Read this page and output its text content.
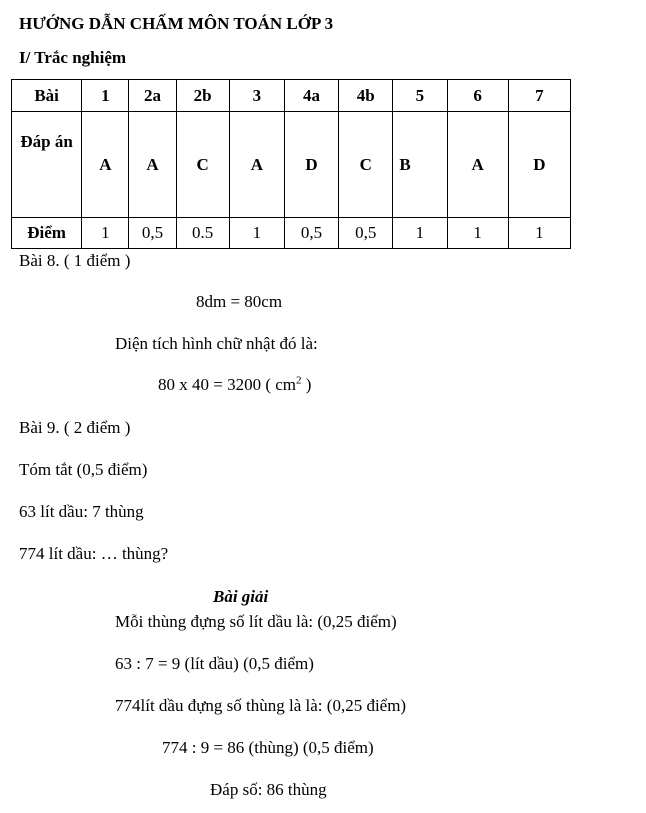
HƯỚNG DẪN CHẤM MÔN TOÁN LỚP 3
I/ Trắc nghiệm
Bài	1	2a	2b	3	4a	4b	5	6	7
Đáp án	A	A	C	A	D	C	B	A	D
Điểm	1	0,5	0.5	1	0,5	0,5	1	1	1
Bài 8. ( 1 điểm )
8dm = 80cm
Diện tích hình chữ nhật đó là:
80 x 40 = 3200 ( $cm^2$ )
Bài 9. ( 2 điểm )
Tóm tắt (0,5 điểm)
63 lít dầu: 7 thùng
774 lít dầu: … thùng?
Bài giải
Mỗi thùng đựng số lít dầu là: (0,25 điểm)
63 : 7 = 9 (lít dầu) (0,5 điểm)
774lít dầu đựng số thùng là là: (0,25 điểm)
774 : 9 = 86 (thùng) (0,5 điểm)
Đáp số: 86 thùng
